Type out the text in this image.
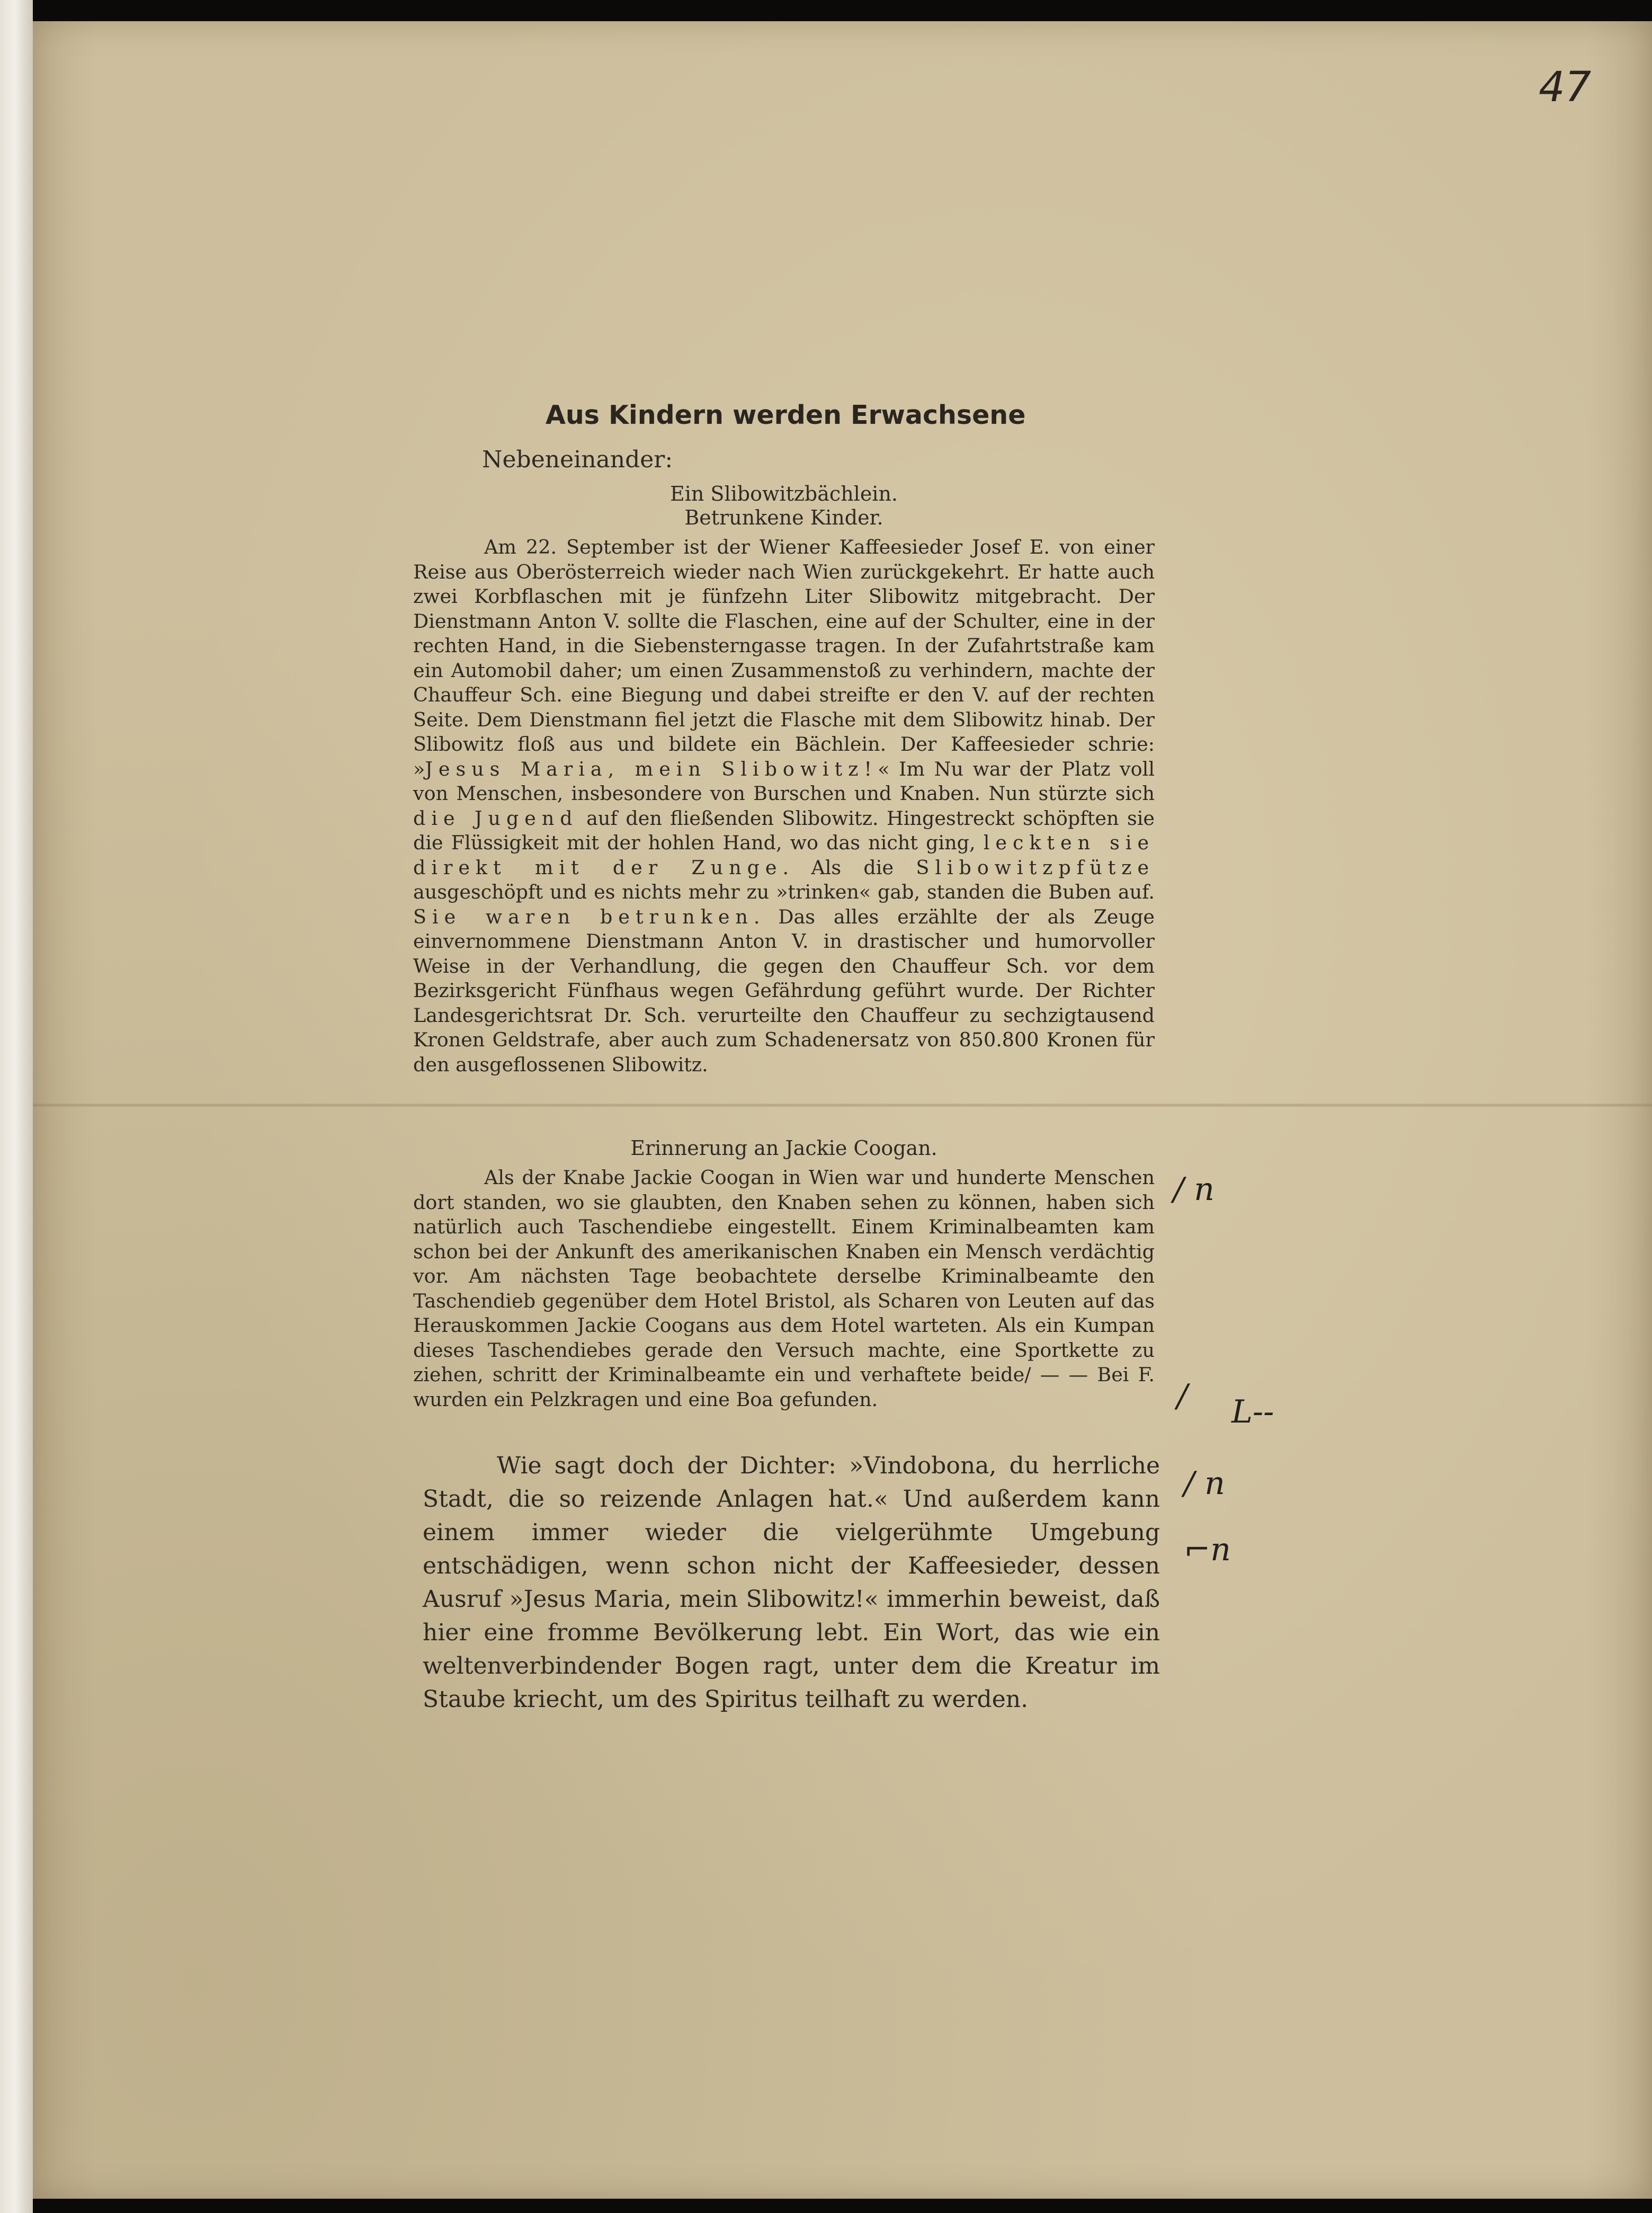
47
Aus Kindern werden Erwachsene
Nebeneinander:
Ein Slibowitzbächlein.
Betrunkene Kinder.

Am 22. September ist der Wiener Kaffeesieder Josef E. von einer Reise aus Oberösterreich wieder nach Wien zurückgekehrt. Er hatte auch zwei Korbflaschen mit je fünfzehn Liter Slibowitz mitgebracht. Der Dienstmann Anton V. sollte die Flaschen, eine auf der Schulter, eine in der rechten Hand, in die Siebensterngasse tragen. In der Zufahrtstraße kam ein Automobil daher; um einen Zusammenstoß zu verhindern, machte der Chauffeur Sch. eine Biegung und dabei streifte er den V. auf der rechten Seite. Dem Dienstmann fiel jetzt die Flasche mit dem Slibowitz hinab. Der Slibowitz floß aus und bildete ein Bächlein. Der Kaffeesieder schrie: »Jesus Maria, mein Slibowitz!« Im Nu war der Platz voll von Menschen, insbesondere von Burschen und Knaben. Nun stürzte sich die Jugend auf den fließenden Slibowitz. Hingestreckt schöpften sie die Flüssigkeit mit der hohlen Hand, wo das nicht ging, leckten sie direkt mit der Zunge. Als die Slibowitzpfütze ausgeschöpft und es nichts mehr zu »trinken« gab, standen die Buben auf. Sie waren betrunken. Das alles erzählte der als Zeuge einvernommene Dienstmann Anton V. in drastischer und humorvoller Weise in der Verhandlung, die gegen den Chauffeur Sch. vor dem Bezirksgericht Fünfhaus wegen Gefährdung geführt wurde. Der Richter Landesgerichtsrat Dr. Sch. verurteilte den Chauffeur zu sechzigtausend Kronen Geldstrafe, aber auch zum Schadenersatz von 850.800 Kronen für den ausgeflossenen Slibowitz.

Erinnerung an Jackie Coogan.

Als der Knabe Jackie Coogan in Wien war und hunderte Menschen dort standen, wo sie glaubten, den Knaben sehen zu können, haben sich natürlich auch Taschendiebe eingestellt. Einem Kriminalbeamten kam schon bei der Ankunft des amerikanischen Knaben ein Mensch verdächtig vor. Am nächsten Tage beobachtete derselbe Kriminalbeamte den Taschendieb gegenüber dem Hotel Bristol, als Scharen von Leuten auf das Herauskommen Jackie Coogans aus dem Hotel warteten. Als ein Kumpan dieses Taschendiebes gerade den Versuch machte, eine Sportkette zu ziehen, schritt der Kriminalbeamte ein und verhaftete beide/ — — Bei F. wurden ein Pelzkragen und eine Boa gefunden.

Wie sagt doch der Dichter: »Vindobona, du herrliche Stadt, die so reizende Anlagen hat.« Und außerdem kann einem immer wieder die vielgerühmte Umgebung entschädigen, wenn schon nicht der Kaffeesieder, dessen Ausruf »Jesus Maria, mein Slibowitz!« immerhin beweist, daß hier eine fromme Bevölkerung lebt. Ein Wort, das wie ein weltenverbindender Bogen ragt, unter dem die Kreatur im Staube kriecht, um des Spiritus teilhaft zu werden.

/ n
/ L--
/ n
⌐n
